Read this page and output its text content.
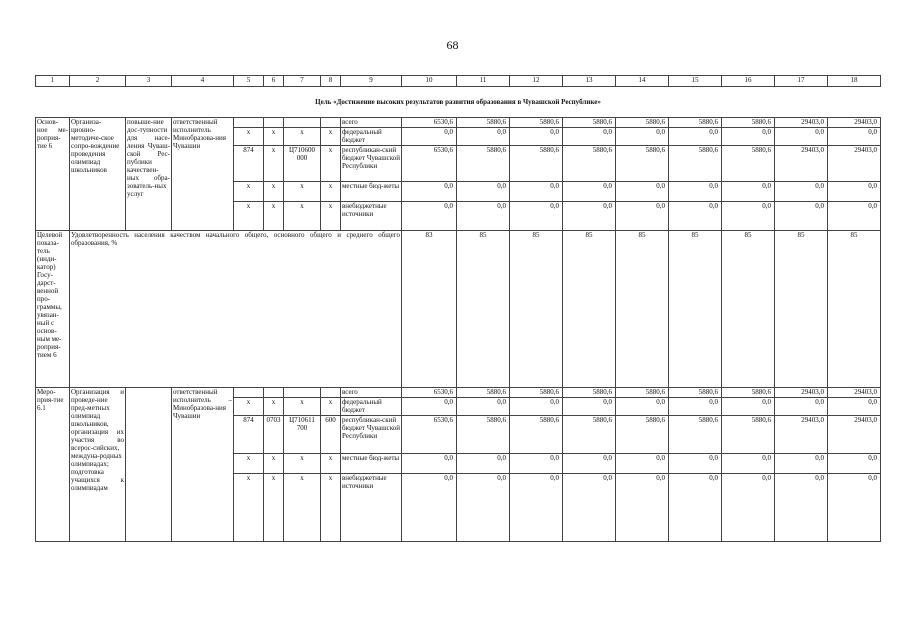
68
1	2	3	4	5	6	7	8	9	10	11	12	13	14	15	16	17	18

Цель «Достижение высоких результатов развития образования в Чувашской Республике»																	

Основ-ное ме-роприя-тие 6	Организа-ционно-методиче-ское сопро-вождение проведения олимпиад школьников	повыше-ние дос-тупности для насе-ления Чуваш-ской Рес-публики качествен-ных обра-зователь-ных услуг	ответственный исполнитель Минобразова-ния Чувашии					всего	6530,6	5880,6	5880,6	5880,6	5880,6	5880,6	5880,6	29403,0	29403,0
				x	x	x	x	федеральный бюджет	0,0	0,0	0,0	0,0	0,0	0,0	0,0	0,0	0,0
				874	x	Ц710600 000	x	республикан-ский бюджет Чувашской Республики	6530,6	5880,6	5880,6	5880,6	5880,6	5880,6	5880,6	29403,0	29403,0
				x	x	x	x	местные бюд-жеты	0,0	0,0	0,0	0,0	0,0	0,0	0,0	0,0	0,0
				x	x	x	x	внебюджетные источники	0,0	0,0	0,0	0,0	0,0	0,0	0,0	0,0	0,0
Целевой показа-тель (инди-катор) Госу-дарст-венной про-граммы, увязан-ный с основ-ным ме-роприя-тием 6	Удовлетворенность населения качеством начального общего, основного общего и среднего общего образования, %								83	85	85	85	85	85	85	85	85
Меро-прия-тие 6.1	Организация и проведе-ние пред-метных олимпиад школьников, организация их участия во всерос-сийских, междуна-родных олимпиадах; подготовка учащихся к олимпиадам		ответственный исполнитель – Минобразова-ния Чувашии					всего	6530,6	5880,6	5880,6	5880,6	5880,6	5880,6	5880,6	29403,0	29403,0
				x	x	x	x	федеральный бюджет	0,0	0,0	0,0	0,0	0,0	0,0	0,0	0,0	0,0
				874	0703	Ц710611 700	600	республикан-ский бюджет Чувашской Республики	6530,6	5880,6	5880,6	5880,6	5880,6	5880,6	5880,6	29403,0	29403,0
				x	x	x	x	местные бюд-жеты	0,0	0,0	0,0	0,0	0,0	0,0	0,0	0,0	0,0
				x	x	x	x	внебюджетные источники	0,0	0,0	0,0	0,0	0,0	0,0	0,0	0,0	0,0
